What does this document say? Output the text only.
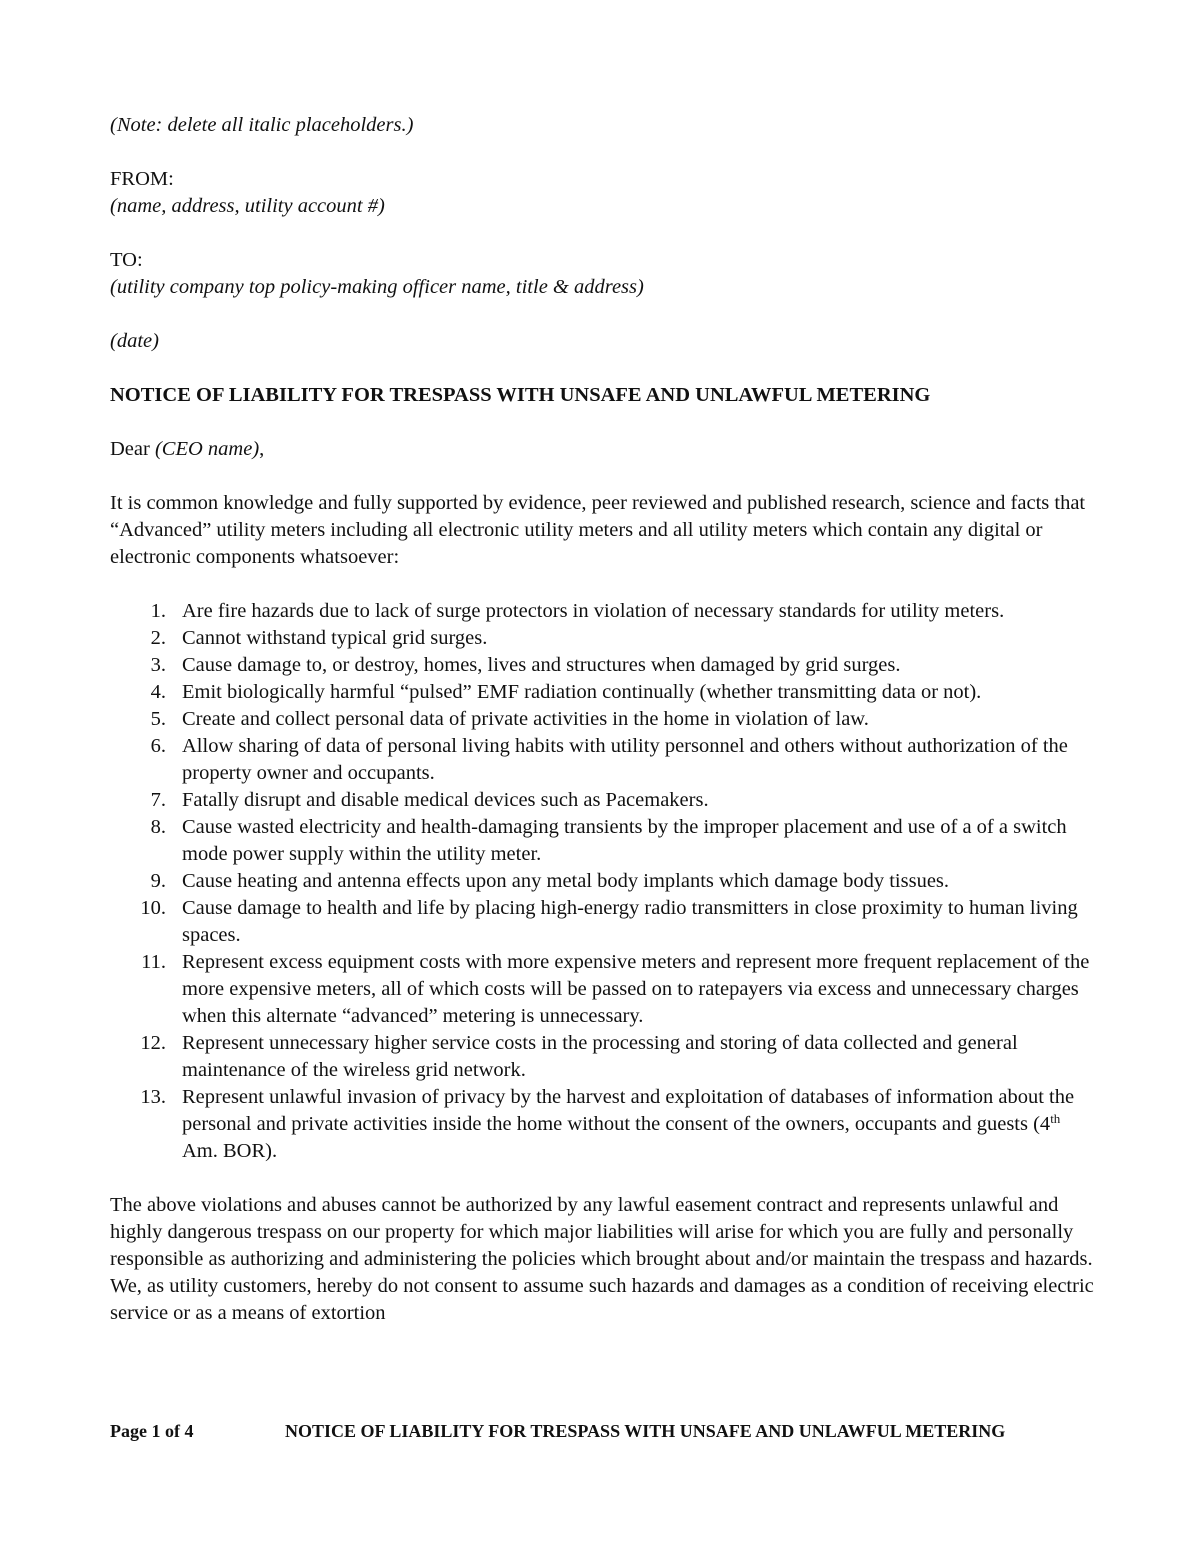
(Note: delete all italic placeholders.)

FROM:

(name, address, utility account #)

TO:

(utility company top policy-making officer name, title & address)

(date)

NOTICE OF LIABILITY FOR TRESPASS WITH UNSAFE AND UNLAWFUL METERING

Dear (CEO name),

It is common knowledge and fully supported by evidence, peer reviewed and published research, science and facts that “Advanced” utility meters including all electronic utility meters and all utility meters which contain any digital or electronic components whatsoever:

1. Are fire hazards due to lack of surge protectors in violation of necessary standards for utility meters.
2. Cannot withstand typical grid surges.
3. Cause damage to, or destroy, homes, lives and structures when damaged by grid surges.
4. Emit biologically harmful “pulsed” EMF radiation continually (whether transmitting data or not).
5. Create and collect personal data of private activities in the home in violation of law.
6. Allow sharing of data of personal living habits with utility personnel and others without authorization of the property owner and occupants.
7. Fatally disrupt and disable medical devices such as Pacemakers.
8. Cause wasted electricity and health-damaging transients by the improper placement and use of a of a switch mode power supply within the utility meter.
9. Cause heating and antenna effects upon any metal body implants which damage body tissues.
10. Cause damage to health and life by placing high-energy radio transmitters in close proximity to human living spaces.
11. Represent excess equipment costs with more expensive meters and represent more frequent replacement of the more expensive meters, all of which costs will be passed on to ratepayers via excess and unnecessary charges when this alternate “advanced” metering is unnecessary.
12. Represent unnecessary higher service costs in the processing and storing of data collected and general maintenance of the wireless grid network.
13. Represent unlawful invasion of privacy by the harvest and exploitation of databases of information about the personal and private activities inside the home without the consent of the owners, occupants and guests (4th Am. BOR).

The above violations and abuses cannot be authorized by any lawful easement contract and represents unlawful and highly dangerous trespass on our property for which major liabilities will arise for which you are fully and personally responsible as authorizing and administering the policies which brought about and/or maintain the trespass and hazards. We, as utility customers, hereby do not consent to assume such hazards and damages as a condition of receiving electric service or as a means of extortion

Page 1 of 4	NOTICE OF LIABILITY FOR TRESPASS WITH UNSAFE AND UNLAWFUL METERING
